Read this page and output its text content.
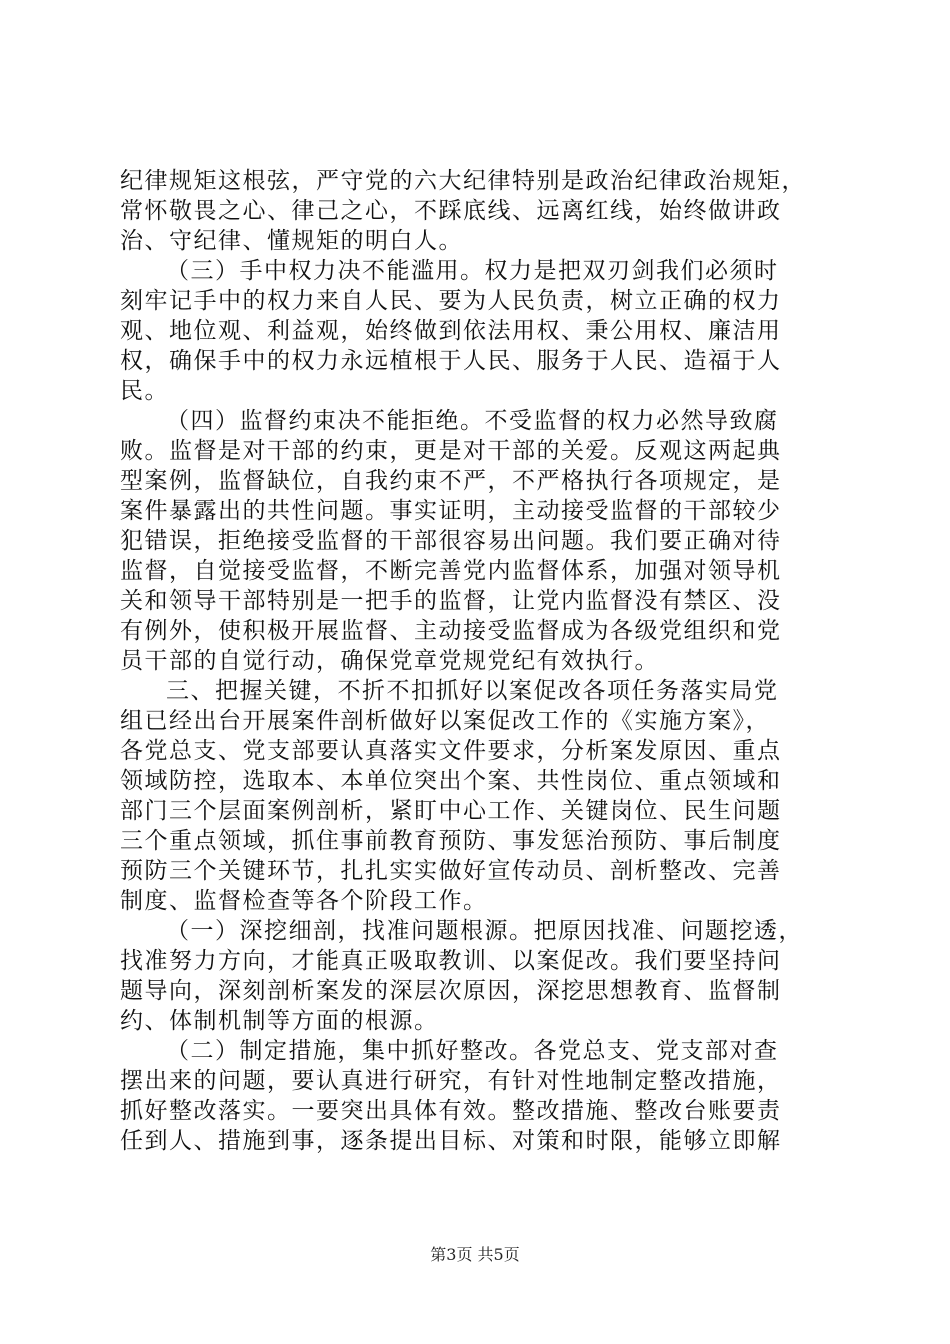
纪律规矩这根弦，严守党的六大纪律特别是政治纪律政治规矩，
常怀敬畏之心、律己之心，不踩底线、远离红线，始终做讲政
治、守纪律、懂规矩的明白人。
（三）手中权力决不能滥用。权力是把双刃剑我们必须时
刻牢记手中的权力来自人民、要为人民负责，树立正确的权力
观、地位观、利益观，始终做到依法用权、秉公用权、廉洁用
权，确保手中的权力永远植根于人民、服务于人民、造福于人
民。
（四）监督约束决不能拒绝。不受监督的权力必然导致腐
败。监督是对干部的约束，更是对干部的关爱。反观这两起典
型案例，监督缺位，自我约束不严，不严格执行各项规定，是
案件暴露出的共性问题。事实证明，主动接受监督的干部较少
犯错误，拒绝接受监督的干部很容易出问题。我们要正确对待
监督，自觉接受监督，不断完善党内监督体系，加强对领导机
关和领导干部特别是一把手的监督，让党内监督没有禁区、没
有例外，使积极开展监督、主动接受监督成为各级党组织和党
员干部的自觉行动，确保党章党规党纪有效执行。
三、把握关键，不折不扣抓好以案促改各项任务落实局党
组已经出台开展案件剖析做好以案促改工作的《实施方案》，
各党总支、党支部要认真落实文件要求，分析案发原因、重点
领域防控，选取本、本单位突出个案、共性岗位、重点领域和
部门三个层面案例剖析，紧盯中心工作、关键岗位、民生问题
三个重点领域，抓住事前教育预防、事发惩治预防、事后制度
预防三个关键环节，扎扎实实做好宣传动员、剖析整改、完善
制度、监督检查等各个阶段工作。
（一）深挖细剖，找准问题根源。把原因找准、问题挖透，
找准努力方向，才能真正吸取教训、以案促改。我们要坚持问
题导向，深刻剖析案发的深层次原因，深挖思想教育、监督制
约、体制机制等方面的根源。
（二）制定措施，集中抓好整改。各党总支、党支部对查
摆出来的问题，要认真进行研究，有针对性地制定整改措施，
抓好整改落实。一要突出具体有效。整改措施、整改台账要责
任到人、措施到事，逐条提出目标、对策和时限，能够立即解
第3页 共5页
